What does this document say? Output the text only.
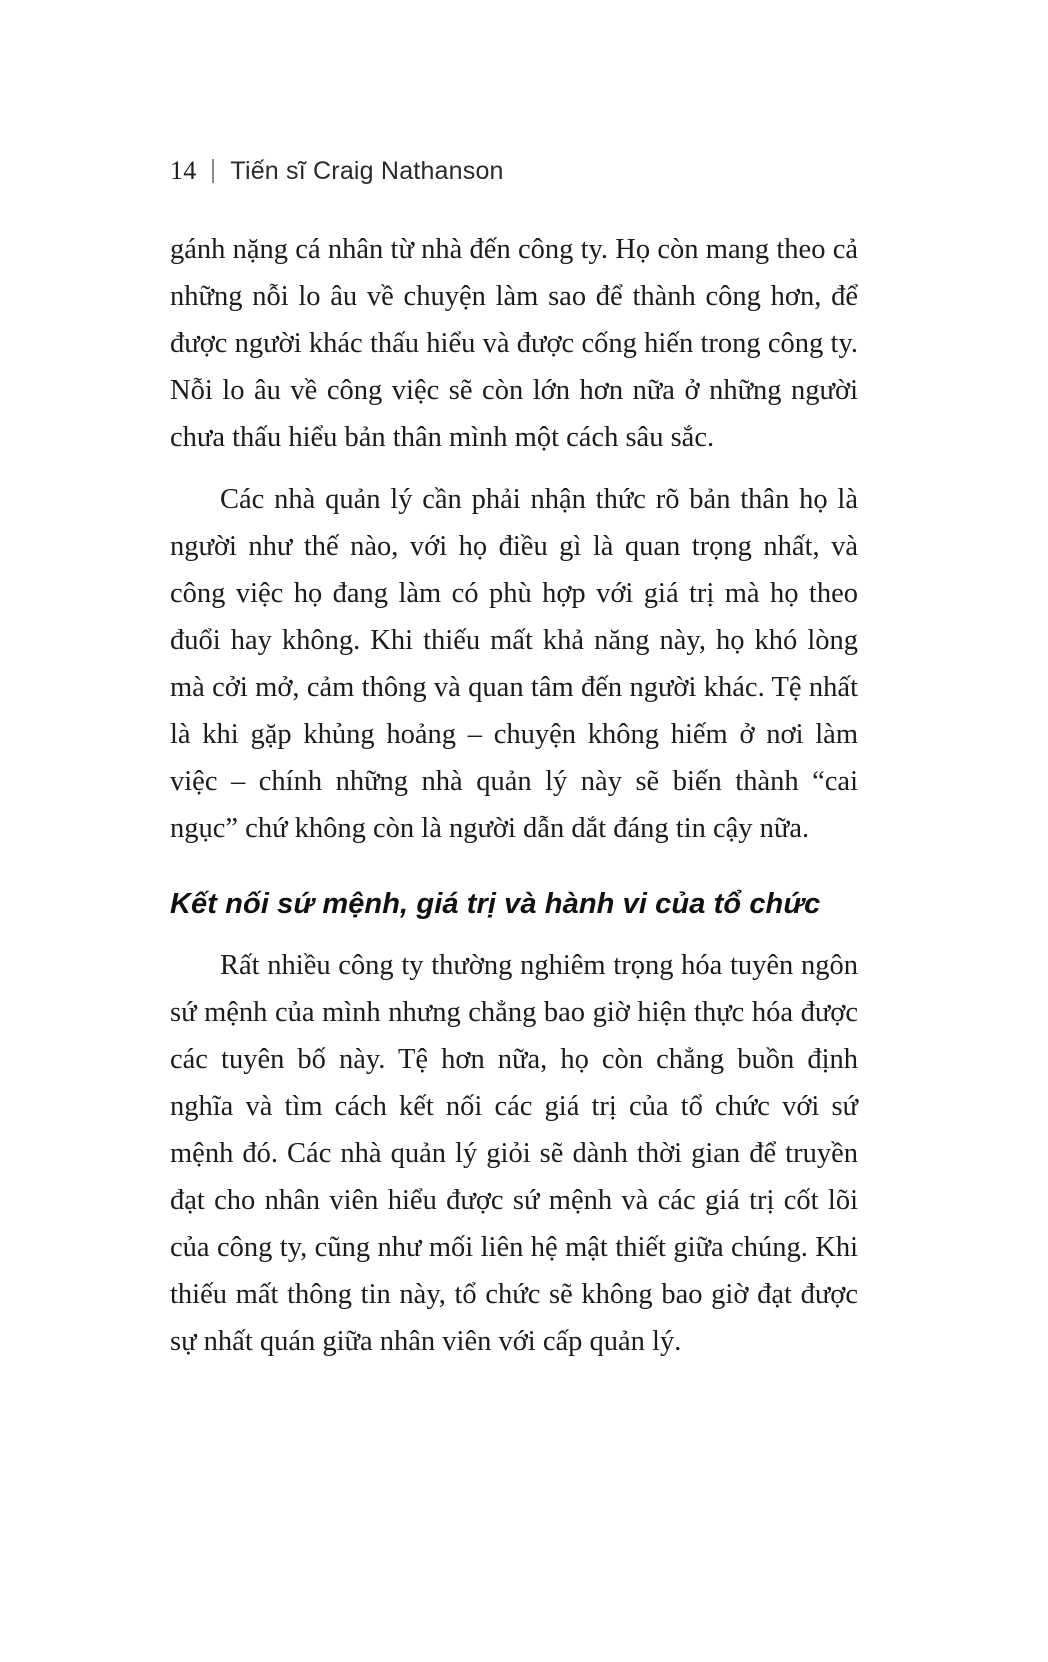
14 Tiến sĩ Craig Nathanson

gánh nặng cá nhân từ nhà đến công ty. Họ còn mang theo cả những nỗi lo âu về chuyện làm sao để thành công hơn, để được người khác thấu hiểu và được cống hiến trong công ty. Nỗi lo âu về công việc sẽ còn lớn hơn nữa ở những người chưa thấu hiểu bản thân mình một cách sâu sắc.

Các nhà quản lý cần phải nhận thức rõ bản thân họ là người như thế nào, với họ điều gì là quan trọng nhất, và công việc họ đang làm có phù hợp với giá trị mà họ theo đuổi hay không. Khi thiếu mất khả năng này, họ khó lòng mà cởi mở, cảm thông và quan tâm đến người khác. Tệ nhất là khi gặp khủng hoảng – chuyện không hiếm ở nơi làm việc – chính những nhà quản lý này sẽ biến thành “cai ngục” chứ không còn là người dẫn dắt đáng tin cậy nữa.

Kết nối sứ mệnh, giá trị và hành vi của tổ chức

Rất nhiều công ty thường nghiêm trọng hóa tuyên ngôn sứ mệnh của mình nhưng chẳng bao giờ hiện thực hóa được các tuyên bố này. Tệ hơn nữa, họ còn chẳng buồn định nghĩa và tìm cách kết nối các giá trị của tổ chức với sứ mệnh đó. Các nhà quản lý giỏi sẽ dành thời gian để truyền đạt cho nhân viên hiểu được sứ mệnh và các giá trị cốt lõi của công ty, cũng như mối liên hệ mật thiết giữa chúng. Khi thiếu mất thông tin này, tổ chức sẽ không bao giờ đạt được sự nhất quán giữa nhân viên với cấp quản lý.
